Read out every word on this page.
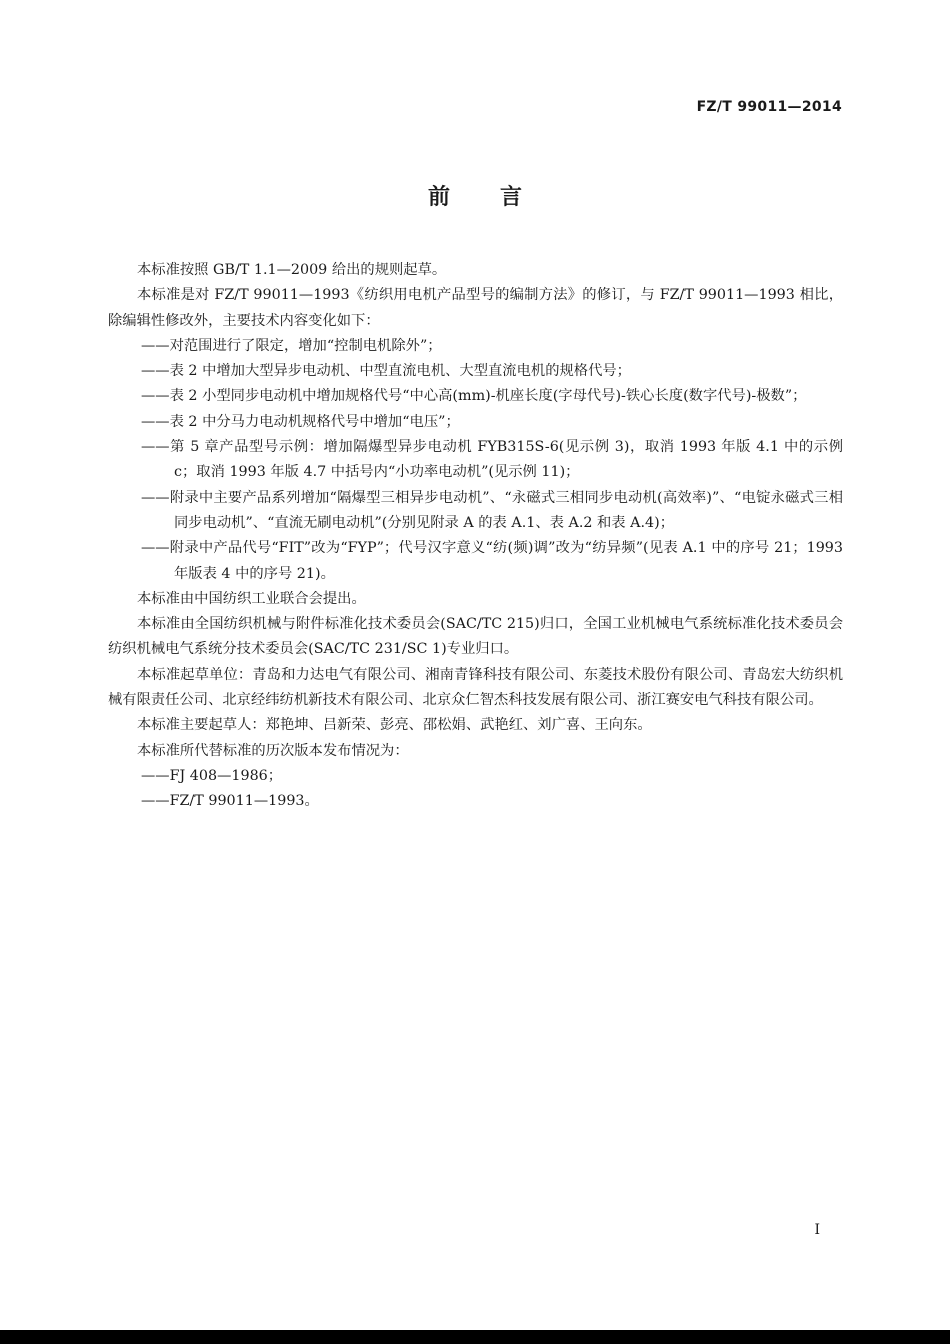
FZ/T 99011—2014
前言

本标准按照 GB/T 1.1—2009 给出的规则起草。

本标准是对 FZ/T 99011—1993《纺织用电机产品型号的编制方法》的修订，与 FZ/T 99011—1993 相比，除编辑性修改外，主要技术内容变化如下：

——对范围进行了限定，增加“控制电机除外”；

——表 2 中增加大型异步电动机、中型直流电机、大型直流电机的规格代号；

——表 2 小型同步电动机中增加规格代号“中心高(mm)-机座长度(字母代号)-铁心长度(数字代号)-极数”；

——表 2 中分马力电动机规格代号中增加“电压”；

——第 5 章产品型号示例：增加隔爆型异步电动机 FYB315S-6(见示例 3)，取消 1993 年版 4.1 中的示例 c；取消 1993 年版 4.7 中括号内“小功率电动机”(见示例 11)；

——附录中主要产品系列增加“隔爆型三相异步电动机”、“永磁式三相同步电动机(高效率)”、“电锭永磁式三相同步电动机”、“直流无刷电动机”(分别见附录 A 的表 A.1、表 A.2 和表 A.4)；

——附录中产品代号“FIT”改为“FYP”；代号汉字意义“纺(频)调”改为“纺异频”(见表 A.1 中的序号 21；1993 年版表 4 中的序号 21)。

本标准由中国纺织工业联合会提出。

本标准由全国纺织机械与附件标准化技术委员会(SAC/TC 215)归口，全国工业机械电气系统标准化技术委员会纺织机械电气系统分技术委员会(SAC/TC 231/SC 1)专业归口。

本标准起草单位：青岛和力达电气有限公司、湘南青锋科技有限公司、东菱技术股份有限公司、青岛宏大纺织机械有限责任公司、北京经纬纺机新技术有限公司、北京众仁智杰科技发展有限公司、浙江赛安电气科技有限公司。

本标准主要起草人：郑艳坤、吕新荣、彭亮、邵松娟、武艳红、刘广喜、王向东。

本标准所代替标准的历次版本发布情况为：

——FJ 408—1986；

——FZ/T 99011—1993。

I
